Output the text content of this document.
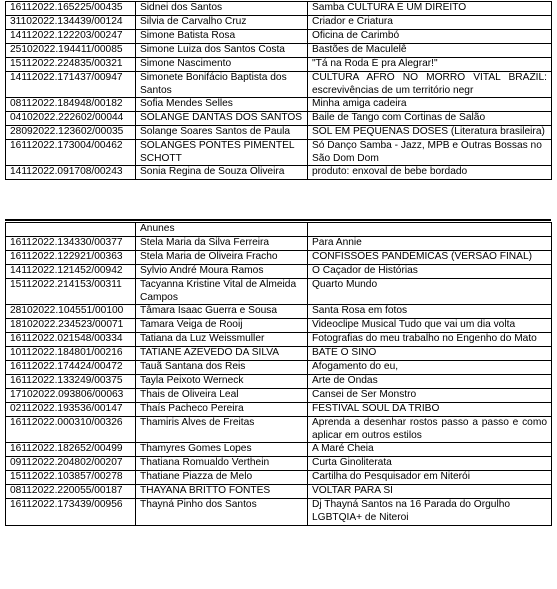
16112022.165225/00435	Sidnei dos Santos	Samba CULTURA É UM DIREITO
31102022.134439/00124	Silvia de Carvalho Cruz	Criador e Criatura
14112022.122203/00247	Simone Batista Rosa	Oficina de Carimbó
25102022.194411/00085	Simone Luiza dos Santos Costa	Bastões de Maculelê
15112022.224835/00321	Simone Nascimento	"Tá na Roda É pra Alegrar!"
14112022.171437/00947	Simonete Bonifácio Baptista dos Santos	CULTURA AFRO NO MORRO VITAL BRAZIL: escrevivências de um território negr
08112022.184948/00182	Sofia Mendes Selles	Minha amiga cadeira
04102022.222602/00044	SOLANGE DANTAS DOS SANTOS	Baile de Tango com Cortinas de Salão
28092022.123602/00035	Solange Soares Santos de Paula	SOL EM PEQUENAS DOSES (Literatura brasileira)
16112022.173004/00462	SOLANGES PONTES PIMENTEL SCHOTT	Só Danço Samba - Jazz, MPB e Outras Bossas no São Dom Dom
14112022.091708/00243	Sonia Regina de Souza Oliveira	produto: enxoval de bebe bordado
	Anunes	
16112022.134330/00377	Stela Maria da Silva Ferreira	Para Annie
16112022.122921/00363	Stela Maria de Oliveira Fracho	CONFISSÕES PANDÊMICAS (VERSÃO FINAL)
14112022.121452/00942	Sylvio André Moura Ramos	O Caçador de Histórias
15112022.214153/00311	Tacyanna Kristine Vital de Almeida Campos	Quarto Mundo
28102022.104551/00100	Tâmara Isaac Guerra e Sousa	Santa Rosa em fotos
18102022.234523/00071	Tamara Veiga de Rooij	Videoclipe Musical Tudo que vai um dia volta
16112022.021548/00334	Tatiana da Luz Weissmuller	Fotografias do meu trabalho no Engenho do Mato
10112022.184801/00216	TATIANE AZEVEDO DA SILVA	BATE O SINO
16112022.174424/00472	Tauã Santana dos Reis	Afogamento do eu,
16112022.133249/00375	Tayla Peixoto Werneck	Arte de Ondas
17102022.093806/00063	Thais de Oliveira Leal	Cansei de Ser Monstro
02112022.193536/00147	Thaís Pacheco Pereira	FESTIVAL SOUL DA TRIBO
16112022.000310/00326	Thamiris Alves de Freitas	Aprenda a desenhar rostos passo a passo e como aplicar em outros estilos
16112022.182652/00499	Thamyres Gomes Lopes	A Maré Cheia
09112022.204802/00207	Thatiana Romualdo Verthein	Curta Ginoliterata
15112022.103857/00278	Thatiane Piazza de Melo	Cartilha do Pesquisador em Niterói
08112022.220055/00187	THAYANA BRITTO FONTES	VOLTAR PARA SI
16112022.173439/00956	Thayná Pinho dos Santos	Dj Thayná Santos na 16 Parada do Orgulho LGBTQIA+ de Niteroi
